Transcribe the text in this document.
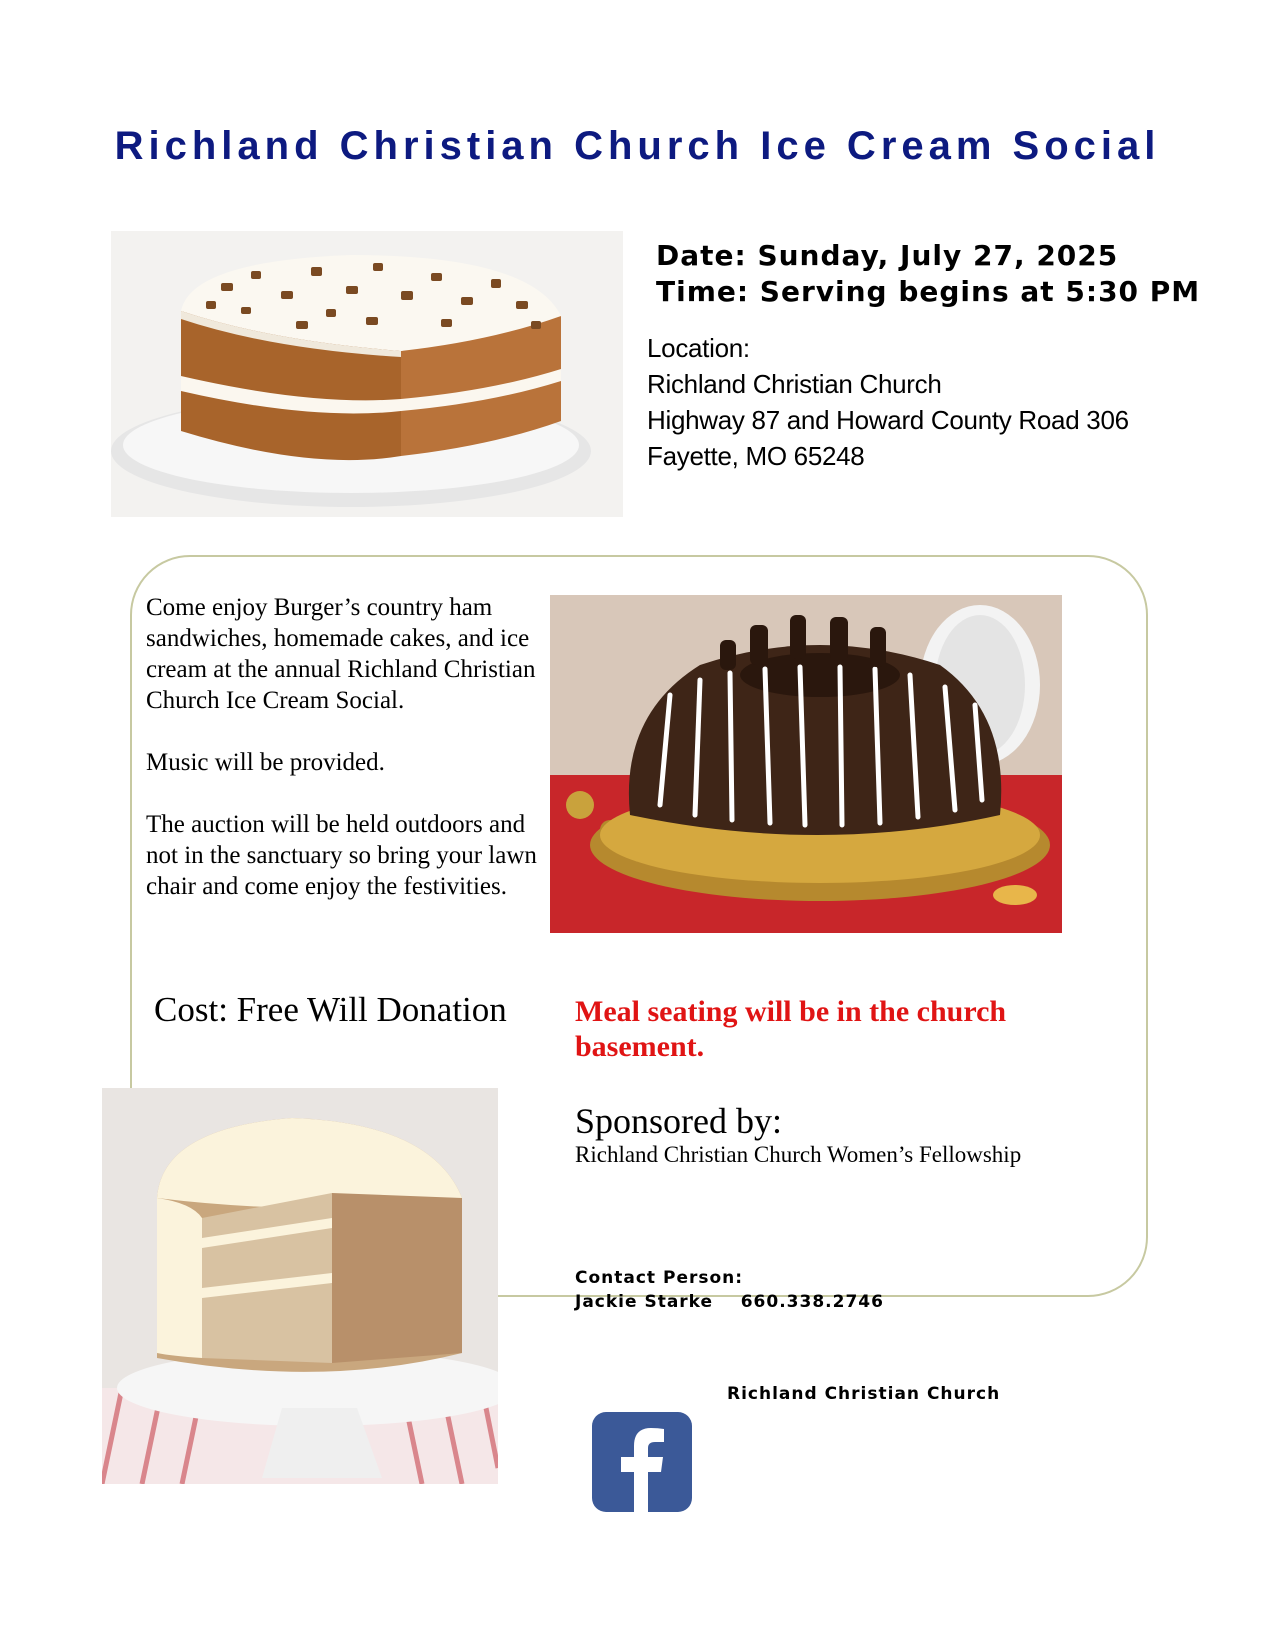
Richland Christian Church Ice Cream Social
Date: Sunday, July 27, 2025
Time: Serving begins at 5:30 PM
Location:
Richland Christian Church
Highway 87 and Howard County Road 306
Fayette, MO 65248

Come enjoy Burger’s country ham sandwiches, homemade cakes, and ice cream at the annual Richland Christian Church Ice Cream Social.

Music will be provided.

The auction will be held outdoors and not in the sanctuary so bring your lawn chair and come enjoy the festivities.

Cost: Free Will Donation Meal seating will be in the church basement.
Sponsored by:
Richland Christian Church Women’s Fellowship
Contact Person:
Jackie Starke    660.338.2746
Richland Christian Church
